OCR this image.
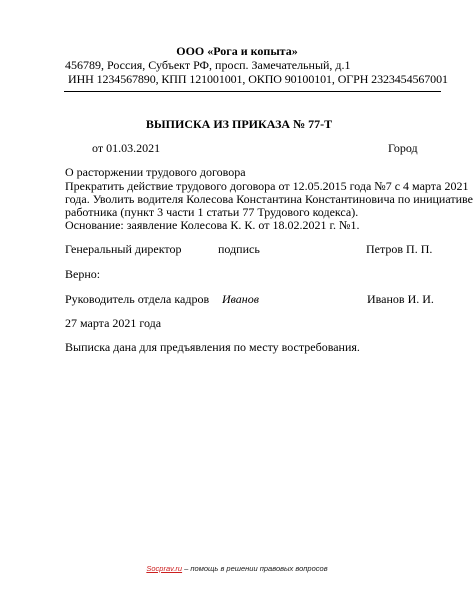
ООО «Рога и копыта»
456789, Россия, Субъект РФ, просп. Замечательный, д.1
ИНН 1234567890, КПП 121001001, ОКПО 90100101, ОГРН 2323454567001
ВЫПИСКА ИЗ ПРИКАЗА № 77-Т
от 01.03.2021	Город
О расторжении трудового договора
Прекратить действие трудового договора от 12.05.2015 года №7 с 4 марта 2021
года. Уволить водителя Колесова Константина Константиновича по инициативе
работника (пункт 3 части 1 статьи 77 Трудового кодекса).
Основание: заявление Колесова К. К. от 18.02.2021 г. №1.
Генеральный директор	подпись	Петров П. П.
Верно:
Руководитель отдела кадров Иванов	Иванов И. И.
27 марта 2021 года
Выписка дана для предъявления по месту востребования.
Socprav.ru – помощь в решении правовых вопросов
